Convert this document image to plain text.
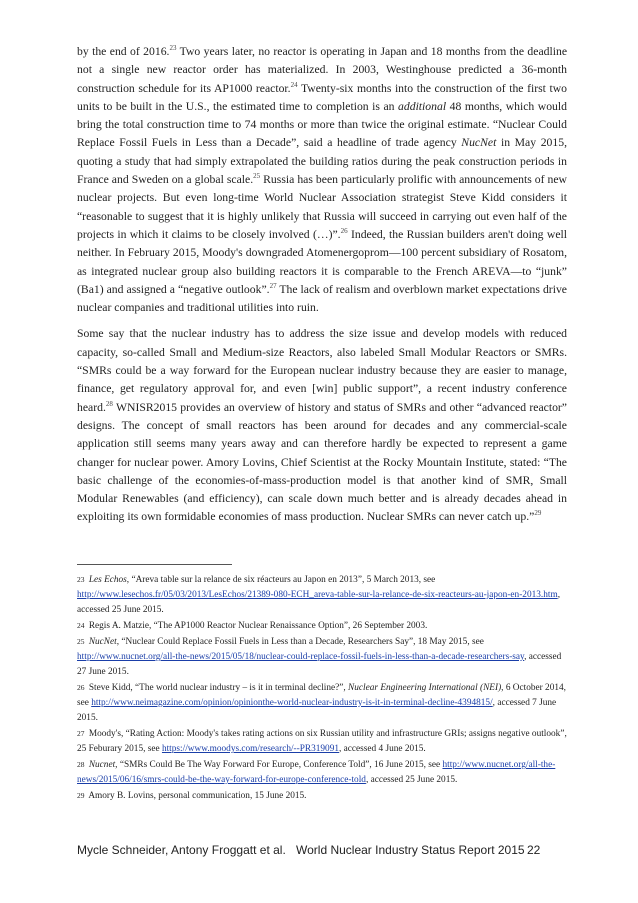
by the end of 2016.23 Two years later, no reactor is operating in Japan and 18 months from the deadline not a single new reactor order has materialized. In 2003, Westinghouse predicted a 36-month construction schedule for its AP1000 reactor.$^{24}$ Twenty-six months into the construction of the first two units to be built in the U.S., the estimated time to completion is an additional 48 months, which would bring the total construction time to 74 months or more than twice the original estimate. “Nuclear Could Replace Fossil Fuels in Less than a Decade”, said a headline of trade agency NucNet in May 2015, quoting a study that had simply extrapolated the building ratios during the peak construction periods in France and Sweden on a global scale.$^{25}$ Russia has been particularly prolific with announcements of new nuclear projects. But even long-time World Nuclear Association strategist Steve Kidd considers it “reasonable to suggest that it is highly unlikely that Russia will succeed in carrying out even half of the projects in which it claims to be closely involved (…)”.$^{26}$ Indeed, the Russian builders aren't doing well neither. In February 2015, Moody's downgraded Atomenergoprom—100 percent subsidiary of Rosatom, as integrated nuclear group also building reactors it is comparable to the French AREVA—to “junk” (Ba1) and assigned a “negative outlook”.$^{27}$ The lack of realism and overblown market expectations drive nuclear companies and traditional utilities into ruin.

Some say that the nuclear industry has to address the size issue and develop models with reduced capacity, so-called Small and Medium-size Reactors, also labeled Small Modular Reactors or SMRs. “SMRs could be a way forward for the European nuclear industry because they are easier to manage, finance, get regulatory approval for, and even [win] public support”, a recent industry conference heard.$^{28}$ WNISR2015 provides an overview of history and status of SMRs and other “advanced reactor” designs. The concept of small reactors has been around for decades and any commercial-scale application still seems many years away and can therefore hardly be expected to represent a game changer for nuclear power. Amory Lovins, Chief Scientist at the Rocky Mountain Institute, stated: “The basic challenge of the economies-of-mass-production model is that another kind of SMR, Small Modular Renewables (and efficiency), can scale down much better and is already decades ahead in exploiting its own formidable economies of mass production. Nuclear SMRs can never catch up.”$^{29}$

23 Les Echos, “Areva table sur la relance de six réacteurs au Japon en 2013”, 5 March 2013, see http://www.lesechos.fr/05/03/2013/LesEchos/21389-080-ECH_areva-table-sur-la-relance-de-six-reacteurs-au-japon-en-2013.htm, accessed 25 June 2015.

24 Regis A. Matzie, “The AP1000 Reactor Nuclear Renaissance Option”, 26 September 2003.

25 NucNet, “Nuclear Could Replace Fossil Fuels in Less than a Decade, Researchers Say”, 18 May 2015, see http://www.nucnet.org/all-the-news/2015/05/18/nuclear-could-replace-fossil-fuels-in-less-than-a-decade-researchers-say, accessed 27 June 2015.

26 Steve Kidd, “The world nuclear industry – is it in terminal decline?”, Nuclear Engineering International (NEI), 6 October 2014, see http://www.neimagazine.com/opinion/opinionthe-world-nuclear-industry-is-it-in-terminal-decline-4394815/, accessed 7 June 2015.

27 Moody's, “Rating Action: Moody's takes rating actions on six Russian utility and infrastructure GRIs; assigns negative outlook”, 25 Feburary 2015, see https://www.moodys.com/research/--PR319091, accessed 4 June 2015.

28 Nucnet, “SMRs Could Be The Way Forward For Europe, Conference Told”, 16 June 2015, see http://www.nucnet.org/all-the-news/2015/06/16/smrs-could-be-the-way-forward-for-europe-conference-told, accessed 25 June 2015.

29 Amory B. Lovins, personal communication, 15 June 2015.

Mycle Schneider, Antony Froggatt et al. World Nuclear Industry Status Report 2015 22
